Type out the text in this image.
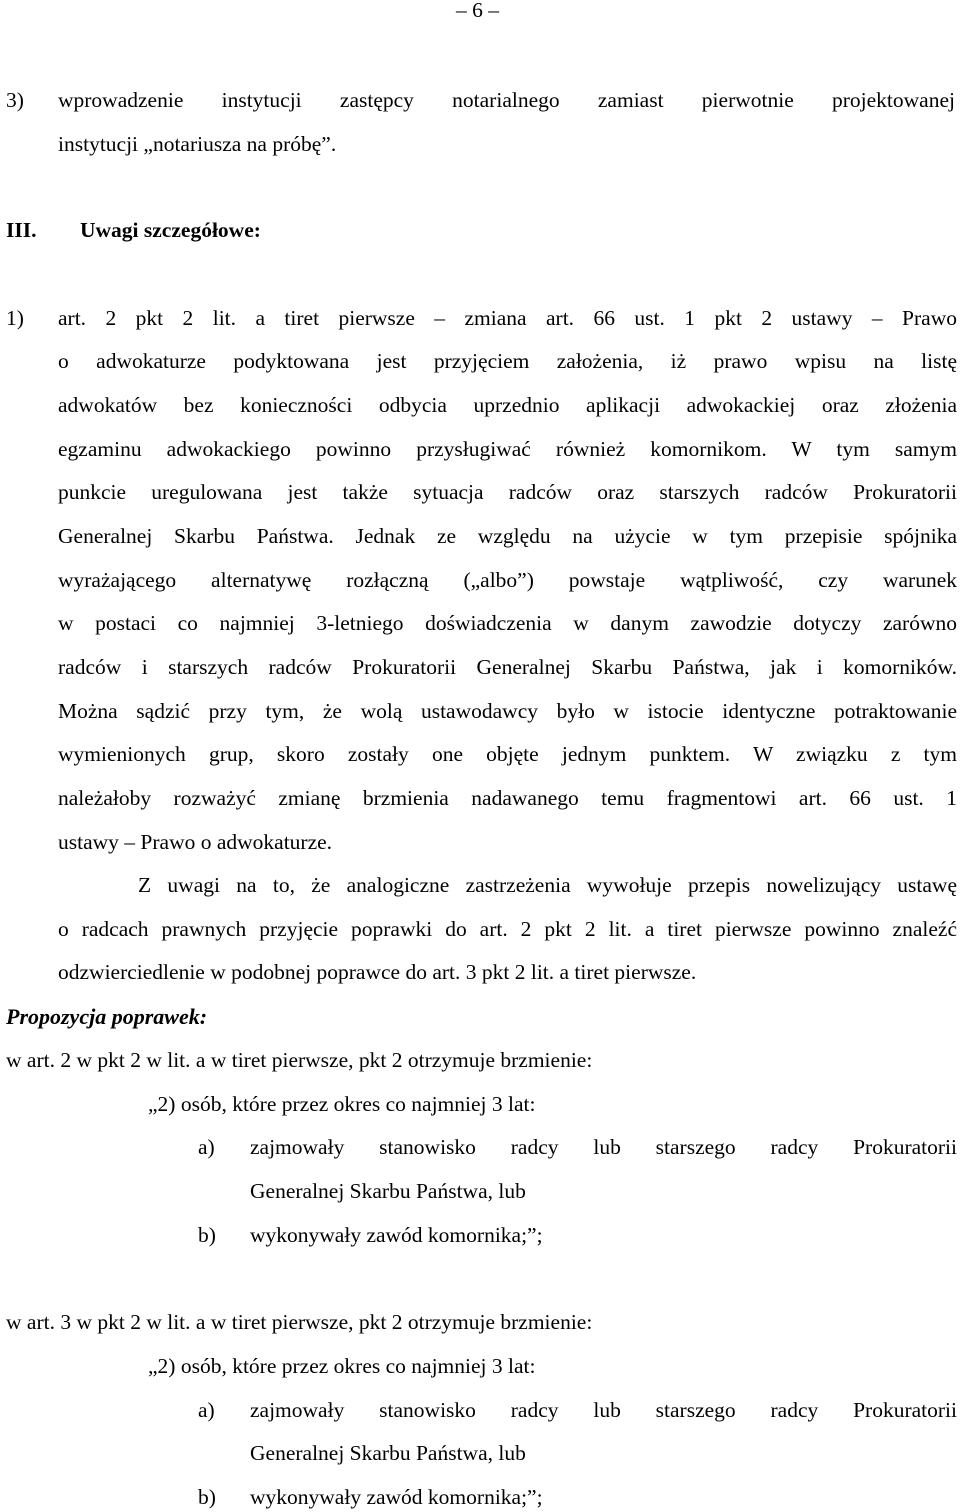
– 6 –
3) wprowadzenie instytucji zastępcy notarialnego zamiast pierwotnie projektowanej
instytucji „notariusza na próbę”.
III. Uwagi szczegółowe:
1) art. 2 pkt 2 lit. a tiret pierwsze – zmiana art. 66 ust. 1 pkt 2 ustawy – Prawo
o adwokaturze podyktowana jest przyjęciem założenia, iż prawo wpisu na listę
adwokatów bez konieczności odbycia uprzednio aplikacji adwokackiej oraz złożenia
egzaminu adwokackiego powinno przysługiwać również komornikom. W tym samym
punkcie uregulowana jest także sytuacja radców oraz starszych radców Prokuratorii
Generalnej Skarbu Państwa. Jednak ze względu na użycie w tym przepisie spójnika
wyrażającego alternatywę rozłączną („albo”) powstaje wątpliwość, czy warunek
w postaci co najmniej 3-letniego doświadczenia w danym zawodzie dotyczy zarówno
radców i starszych radców Prokuratorii Generalnej Skarbu Państwa, jak i komorników.
Można sądzić przy tym, że wolą ustawodawcy było w istocie identyczne potraktowanie
wymienionych grup, skoro zostały one objęte jednym punktem. W związku z tym
należałoby rozważyć zmianę brzmienia nadawanego temu fragmentowi art. 66 ust. 1
ustawy – Prawo o adwokaturze.
Z uwagi na to, że analogiczne zastrzeżenia wywołuje przepis nowelizujący ustawę
o radcach prawnych przyjęcie poprawki do art. 2 pkt 2 lit. a tiret pierwsze powinno znaleźć
odzwierciedlenie w podobnej poprawce do art. 3 pkt 2 lit. a tiret pierwsze.
Propozycja poprawek:
w art. 2 w pkt 2 w lit. a w tiret pierwsze, pkt 2 otrzymuje brzmienie:
„2) osób, które przez okres co najmniej 3 lat:
a) zajmowały stanowisko radcy lub starszego radcy Prokuratorii
Generalnej Skarbu Państwa, lub
b) wykonywały zawód komornika;”;
w art. 3 w pkt 2 w lit. a w tiret pierwsze, pkt 2 otrzymuje brzmienie:
„2) osób, które przez okres co najmniej 3 lat:
a) zajmowały stanowisko radcy lub starszego radcy Prokuratorii
Generalnej Skarbu Państwa, lub
b) wykonywały zawód komornika;”;
